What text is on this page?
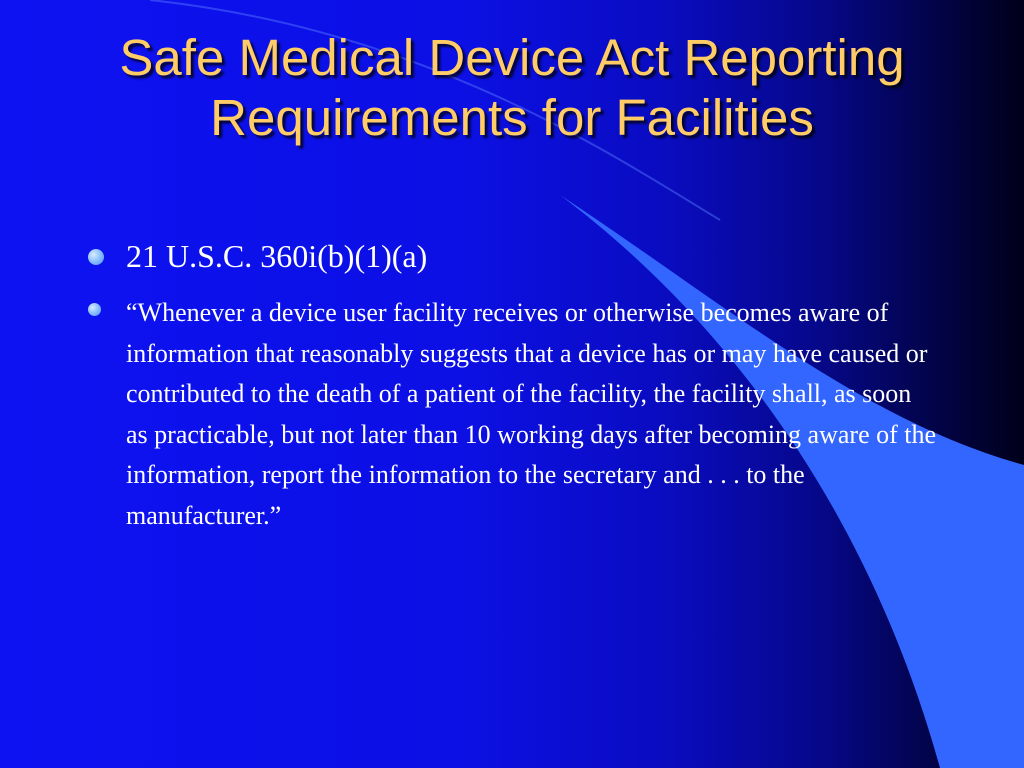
Safe Medical Device Act Reporting Requirements for Facilities
21 U.S.C. 360i(b)(1)(a)
“Whenever a device user facility receives or otherwise becomes aware of information that reasonably suggests that a device has or may have caused or contributed to the death of a patient of the facility, the facility shall, as soon as practicable, but not later than 10 working days after becoming aware of the information, report the information to the secretary and . . . to the manufacturer.”
